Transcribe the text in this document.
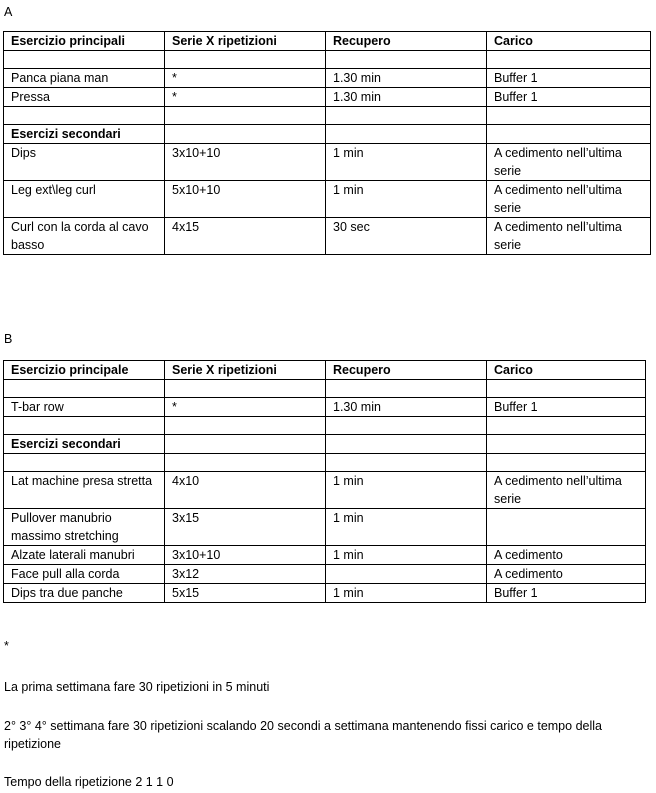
A
Esercizio principali	Serie X ripetizioni	Recupero	Carico

Panca piana man	*	1.30 min	Buffer 1
Pressa	*	1.30 min	Buffer 1

Esercizi secondari			
Dips	3x10+10	1 min	A cedimento nell’ultima serie
Leg ext\leg curl	5x10+10	1 min	A cedimento nell’ultima serie
Curl con la corda al cavo basso	4x15	30 sec	A cedimento nell’ultima serie
B
Esercizio principale	Serie X ripetizioni	Recupero	Carico

T-bar row	*	1.30 min	Buffer 1

Esercizi secondari			

Lat machine presa stretta	4x10	1 min	A cedimento nell’ultima serie
Pullover manubrio massimo stretching	3x15	1 min	
Alzate laterali manubri	3x10+10	1 min	A cedimento
Face pull alla corda	3x12		A cedimento
Dips tra due panche	5x15	1 min	Buffer 1
*
La prima settimana fare 30 ripetizioni in 5 minuti
2° 3° 4° settimana fare 30 ripetizioni scalando 20 secondi a settimana mantenendo fissi carico e tempo della ripetizione
Tempo della ripetizione 2 1 1 0
